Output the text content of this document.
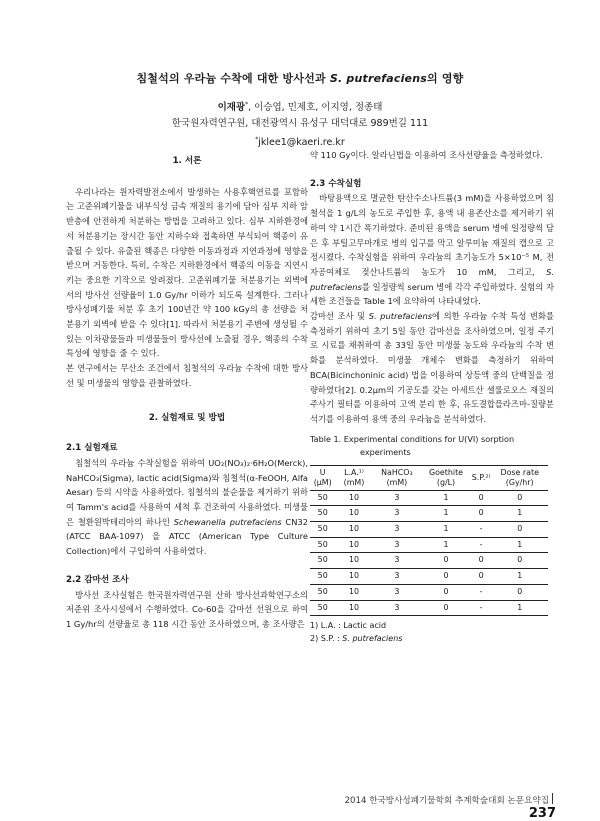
침철석의 우라늄 수착에 대한 방사선과 S. putrefaciens의 영향
이재광*, 이승엽, 민제호, 이지영, 정종태
한국원자력연구원, 대전광역시 유성구 대덕대로 989번길 111
*jklee1@kaeri.re.kr
1. 서론

우리나라는 원자력발전소에서 발생하는 사용후핵연료를 포함하는 고준위폐기물을 내부식성 금속 재질의 용기에 담아 심부 지하 암반층에 안전하게 처분하는 방법을 고려하고 있다. 심부 지하환경에서 처분용기는 장시간 동안 지하수와 접촉하면 부식되어 핵종이 유출될 수 있다. 유출된 핵종은 다양한 이동과정과 지연과정에 영향을 받으며 거동한다. 특히, 수착은 지하환경에서 핵종의 이동을 지연시키는 중요한 기작으로 알려졌다. 고준위폐기물 처분용기는 외벽에서의 방사선 선량율이 1.0 Gy/hr 이하가 되도록 설계한다. 그러나 방사성폐기물 처분 후 초기 100년간 약 100 kGy의 총 선량을 처분용기 외벽에 받을 수 있다[1]. 따라서 처분용기 주변에 생성될 수 있는 이차광물들과 미생물들이 방사선에 노출될 경우, 핵종의 수착특성에 영향을 줄 수 있다.

본 연구에서는 무산소 조건에서 침철석의 우라늄 수착에 대한 방사선 및 미생물의 영향을 관찰하였다.

2. 실험재료 및 방법
2.1 실험재료

침철석의 우라늄 수착실험을 위하여 UO₂(NO₃)₂·6H₂O(Merck), NaHCO₃(Sigma), lactic acid(Sigma)와 침철석(α-FeOOH, Alfa Aesar) 등의 시약을 사용하였다. 침철석의 불순물을 제거하기 위하여 Tamm's acid를 사용하여 세척 후 건조하여 사용하였다. 미생물은 철환원박테리아의 하나인 Schewanella putrefaciens CN32 (ATCC BAA-1097) 을 ATCC (American Type Culture Collection)에서 구입하여 사용하였다.

2.2 감마선 조사

방사선 조사실험은 한국원자력연구원 산하 방사선과학연구소의 저준위 조사시설에서 수행하였다. Co-60을 감마선 선원으로 하여 1 Gy/hr의 선량율로 총 118 시간 동안 조사하였으며, 총 조사량은

약 110 Gy이다. 알라닌법을 이용하여 조사선량율을 측정하였다.

2.3 수착실험

바탕용액으로 멸균한 탄산수소나트륨(3 mM)을 사용하였으며 침철석을 1 g/L의 농도로 주입한 후, 용액 내 용존산소를 제거하기 위하여 약 1시간 폭기하였다. 준비된 용액을 serum 병에 일정량씩 담은 후 부틸고무마개로 병의 입구를 막고 알루미늄 재질의 캡으로 고정시켰다. 수착실험을 위하여 우라늄의 초기농도가 5×10⁻⁵ M, 전자공여체로 젖산나트륨의 농도가 10 mM, 그리고, S. putrefaciens를 일정량씩 serum 병에 각각 주입하였다. 실험의 자세한 조건들을 Table 1에 요약하여 나타내었다.

감마선 조사 및 S. putrefaciens에 의한 우라늄 수착 특성 변화를 측정하기 위하여 초기 5일 동안 감마선을 조사하였으며, 일정 주기로 시료를 채취하여 총 33일 동안 미생물 농도와 우라늄의 수착 변화를 분석하였다. 미생물 개체수 변화를 측정하기 위하여 BCA(Bicinchoninic acid) 법을 이용하여 상등액 중의 단백질을 정량하였다[2]. 0.2μm의 기공도를 갖는 아세트산 셀룰로오스 재질의 주사기 필터를 이용하여 고액 분리 한 후, 유도결합플라즈마-질량분석기를 이용하여 용액 중의 우라늄을 분석하였다.

Table 1. Experimental conditions for U(VI) sorption
experiments
U (μM)	L.A.¹⁾ (mM)	NaHCO₃ (mM)	Goethite (g/L)	S.P.²⁾	Dose rate (Gy/hr)
50	10	3	1	0	0
50	10	3	1	0	1
50	10	3	1	-	0
50	10	3	1	-	1
50	10	3	0	0	0
50	10	3	0	0	1
50	10	3	0	-	0
50	10	3	0	-	1
1) L.A. : Lactic acid
2) S.P. : S. putrefaciens
2014 한국방사성폐기물학회 추계학술대회 논문요약집237
